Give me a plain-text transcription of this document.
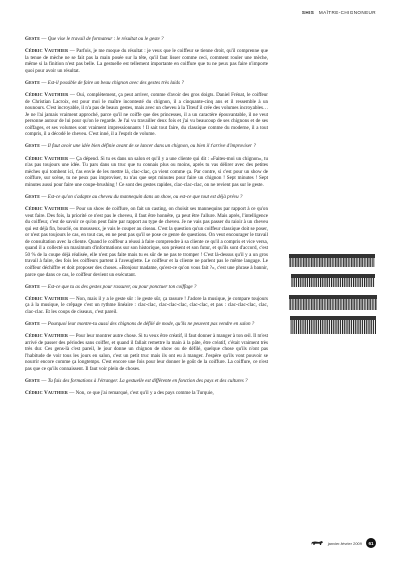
SHIS MAÎTRE-CHIGNONEUR

Geste — Que vise le travail de formateur : le résultat ou le geste ?

Cédric Vauthier — Parfois, je me moque du résultat : je veux que le coiffeur se tienne droit, qu'il comprenne que la tenue de mèche ne se fait pas la main posée sur la tête, qu'il faut lisser comme ceci, comment rouler une mèche, même si la finition n'est pas belle. La gestuelle est tellement importante en coiffure que tu ne peux pas faire n'importe quoi pour avoir un résultat.

Geste — Est-il possible de faire un beau chignon avec des gestes très laids ?

Cédric Vauthier — Oui, complètement, ça peut arriver, comme d'avoir des gros doigts. Daniel Frénat, le coiffeur de Christian Lacroix, est pour moi le maître incontesté du chignon, il a cinquante-cinq ans et il ressemble à un nounours. C'est incroyable, il n'a pas de beaux gestes, mais avec un cheveu à la Titeuf il crée des volumes incroyables… Je ne l'ai jamais vraiment approché, parce qu'il ne coiffe que des princesses, il a un caractère épouvantable, il ne veut personne autour de lui pour qu'on le regarde. Je l'ai vu travailler deux fois et j'ai vu beaucoup de ses chignons et de ses coiffages, et ses volumes sont vraiment impressionnants ! Il sait tout faire, du classique comme du moderne, il a tout compris, il a décodé le cheveu. C'est inné, il a l'esprit de volume.

Geste — Il faut avoir une idée bien définie avant de se lancer dans un chignon, ou bien il t'arrive d'improviser ?

Cédric Vauthier — Ça dépend. Si tu es dans un salon et qu'il y a une cliente qui dit : «Faites-moi un chignon», tu n'as pas toujours une idée. Tu pars dans un truc que tu connais plus ou moins, après tu vas délirer avec des petites mèches qui tombent ici, t'as envie de les mettre là, clac-clac, ça vient comme ça. Par contre, si c'est pour un show de coiffure, sur scène, tu ne peux pas improviser, tu n'as que sept minutes pour faire un chignon ! Sept minutes ! Sept minutes aussi pour faire une coupe-brushing ! Ce sont des gestes rapides, clac-clac-clac, on ne revient pas sur le geste.

Geste — Est-ce qu'on s'adapte au cheveu du mannequin dans un show, ou est-ce que tout est déjà prévu ?

Cédric Vauthier — Pour un show de coiffure, on fait un casting, on choisit ses mannequins par rapport à ce qu'on veut faire. Des fois, la priorité ce n'est pas le cheveu, il faut être honnête, ça peut être l'allure. Mais après, l'intelligence du coiffeur, c'est de savoir ce qu'on peut faire par rapport au type de cheveu. Je ne vais pas passer du raioir à un cheveu qui est déjà fin, bouclé, ou mousseux, je vais le couper au ciseau. C'est la question qu'un coiffeur classique doit se poser, or n'est pas toujours le cas, en tout cas, en ne peut pas qu'il se pose ce genre de questions. On veut encourager le travail de consultation avec la cliente. Quand le coiffeur a réussi à faire comprendre à sa cliente ce qu'il a compris et vice versa, quand il a collecté un maximum d'informations sur son historique, son présent et son futur, et qu'ils sont d'accord, c'est 50 % de la coupe déjà réalisée, elle n'est pas faite mais tu es sûr de ne pas te tromper ! C'est là-dessus qu'il y a un gros travail à faire, des fois les coiffeurs partent à l'aveuglette. Le coiffeur et la cliente ne parlent pas le même langage. Le coiffeur déchiffre et doit proposer des choses. «Bonjour madame, qu'est-ce qu'on vous fait ?», c'est une phrase à bannir, parce que dans ce cas, le coiffeur devient un exécutant.

Geste — Est-ce que tu as des gestes pour rassurer, ou pour ponctuer ton coiffage ?

Cédric Vauthier — Non, mais il y a le geste sûr : le geste sûr, ça rassure ! J'adore la musique, je compare toujours ça à la musique, le crêpage c'est un rythme linéaire : clac-clac, clac-clac-clac, clac-clac, et pas : clac-clac-clac, clac, clac-clac. Et les coups de ciseaux, c'est pareil.

Geste — Pourquoi leur montre-tu aussi des chignons de défilé de mode, qu'ils ne peuvent pas vendre en salon ?

Cédric Vauthier — Pour leur montrer autre chose. Si tu veux être créatif, il faut donner à manger à ton œil. Il m'est arrivé de passer des périodes sans coiffer, et quand il fallait remettre la main à la pâte, être créatif, c'était vraiment très très dur. Ces gens-là c'est pareil, le jour donne un chignon de show ou de défilé, quelque chose qu'ils n'ont pas l'habitude de voir tous les jours en salon, c'est un petit truc mais ils ont eu à manger. J'espère qu'ils vont pouvoir se nourrir encore comme ça longtemps. C'est encore une fois pour leur donner le goût de la coiffure. La coiffure, ce n'est pas que ce qu'ils connaissent. Il faut voir plein de choses.

Geste — Tu fais des formations à l'étranger. La gestuelle est différente en fonction des pays et des cultures ?

Cédric Vauthier — Non, ce que j'ai remarqué, c'est qu'il y a des pays comme la Turquie,

janvier-février 2009	61
